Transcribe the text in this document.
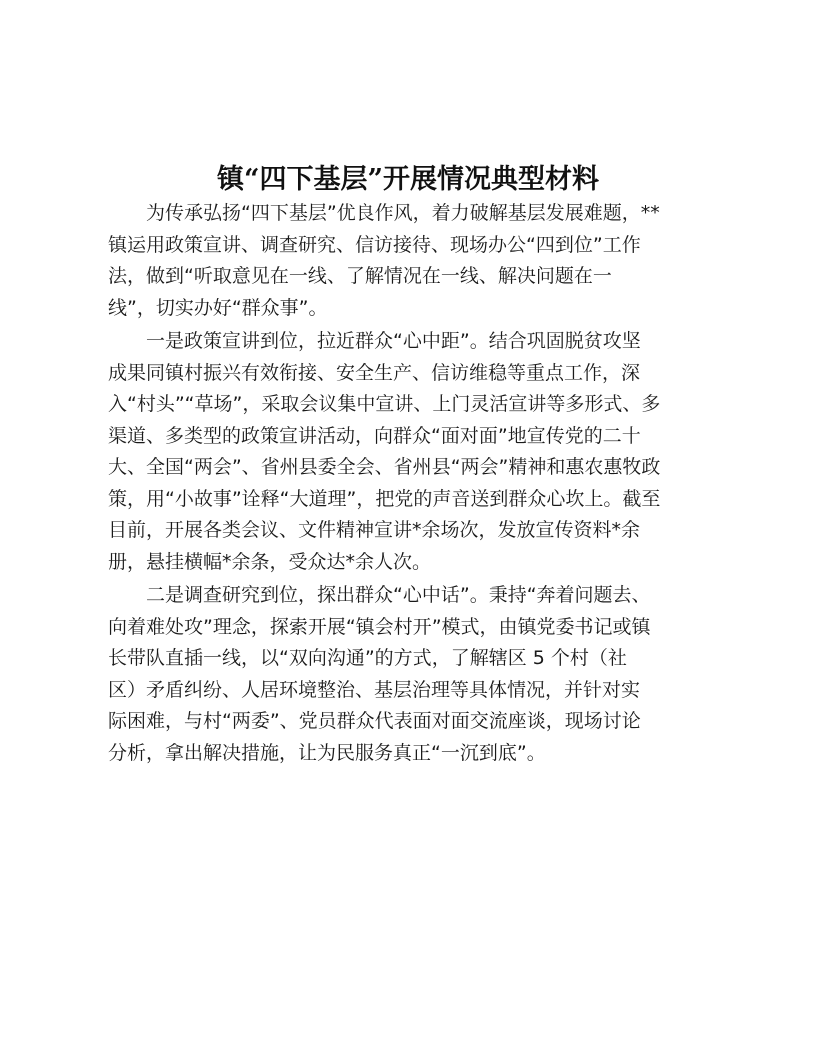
镇“四下基层”开展情况典型材料
为传承弘扬“四下基层”优良作风，着力破解基层发展难题，**
镇运用政策宣讲、调查研究、信访接待、现场办公“四到位”工作
法，做到“听取意见在一线、了解情况在一线、解决问题在一
线”，切实办好“群众事”。
一是政策宣讲到位，拉近群众“心中距”。结合巩固脱贫攻坚
成果同镇村振兴有效衔接、安全生产、信访维稳等重点工作，深
入“村头”“草场”，采取会议集中宣讲、上门灵活宣讲等多形式、多
渠道、多类型的政策宣讲活动，向群众“面对面”地宣传党的二十
大、全国“两会”、省州县委全会、省州县“两会”精神和惠农惠牧政
策，用“小故事”诠释“大道理”，把党的声音送到群众心坎上。截至
目前，开展各类会议、文件精神宣讲*余场次，发放宣传资料*余
册，悬挂横幅*余条，受众达*余人次。
二是调查研究到位，探出群众“心中话”。秉持“奔着问题去、
向着难处攻”理念，探索开展“镇会村开”模式，由镇党委书记或镇
长带队直插一线，以“双向沟通”的方式，了解辖区 5 个村（社
区）矛盾纠纷、人居环境整治、基层治理等具体情况，并针对实
际困难，与村“两委”、党员群众代表面对面交流座谈，现场讨论
分析，拿出解决措施，让为民服务真正“一沉到底”。
